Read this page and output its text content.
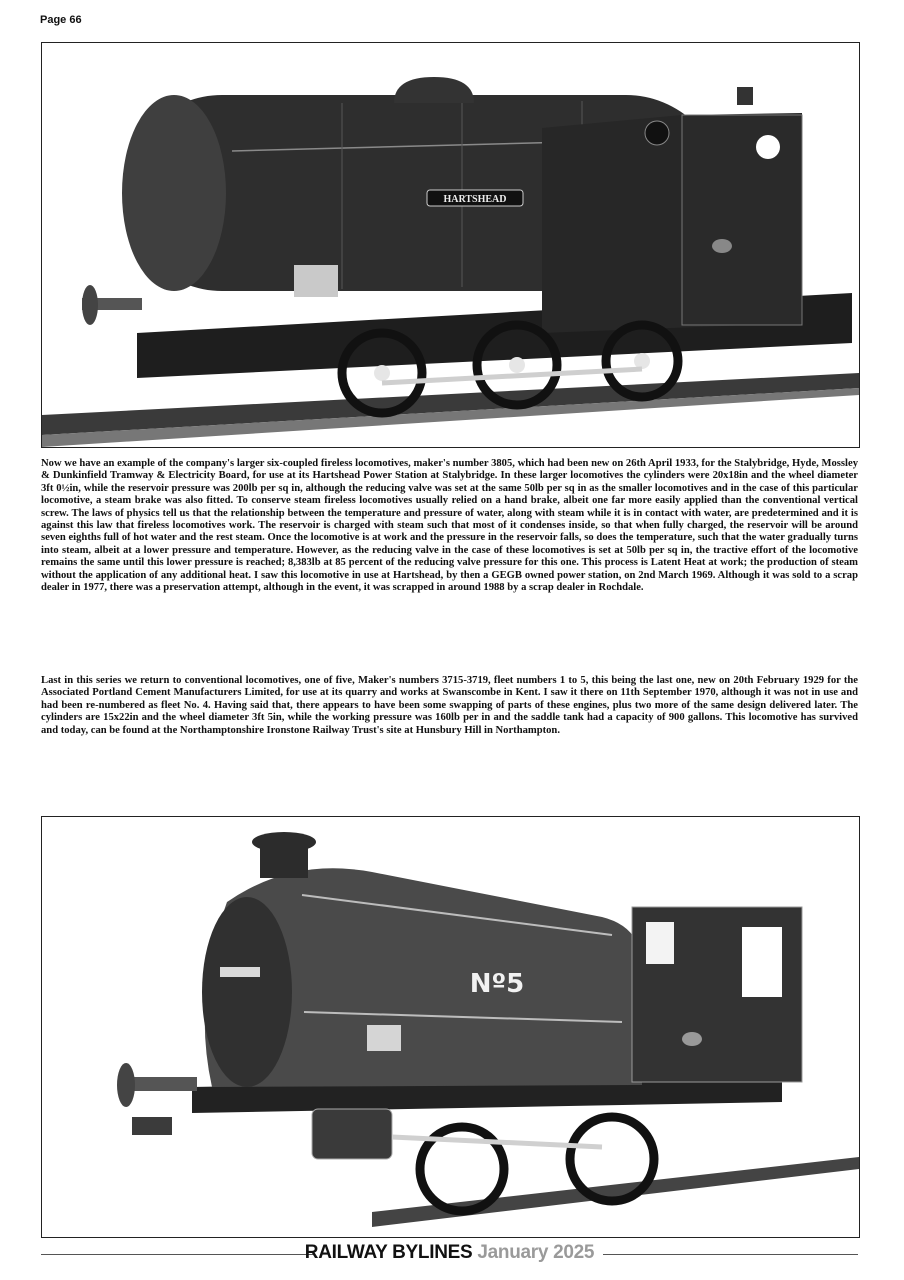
Page 66
HARTSHEAD
Now we have an example of the company's larger six-coupled fireless locomotives, maker's number 3805, which had been new on 26th April 1933, for the Stalybridge, Hyde, Mossley & Dunkinfield Tramway & Electricity Board, for use at its Hartshead Power Station at Stalybridge. In these larger locomotives the cylinders were 20x18in and the wheel diameter 3ft 0½in, while the reservoir pressure was 200lb per sq in, although the reducing valve was set at the same 50lb per sq in as the smaller locomotives and in the case of this particular locomotive, a steam brake was also fitted. To conserve steam fireless locomotives usually relied on a hand brake, albeit one far more easily applied than the conventional vertical screw. The laws of physics tell us that the relationship between the temperature and pressure of water, along with steam while it is in contact with water, are predetermined and it is against this law that fireless locomotives work. The reservoir is charged with steam such that most of it condenses inside, so that when fully charged, the reservoir will be around seven eighths full of hot water and the rest steam. Once the locomotive is at work and the pressure in the reservoir falls, so does the temperature, such that the water gradually turns into steam, albeit at a lower pressure and temperature. However, as the reducing valve in the case of these locomotives is set at 50lb per sq in, the tractive effort of the locomotive remains the same until this lower pressure is reached; 8,383lb at 85 percent of the reducing valve pressure for this one. This process is Latent Heat at work; the production of steam without the application of any additional heat. I saw this locomotive in use at Hartshead, by then a GEGB owned power station, on 2nd March 1969. Although it was sold to a scrap dealer in 1977, there was a preservation attempt, although in the event, it was scrapped in around 1988 by a scrap dealer in Rochdale.
Last in this series we return to conventional locomotives, one of five, Maker's numbers 3715-3719, fleet numbers 1 to 5, this being the last one, new on 20th February 1929 for the Associated Portland Cement Manufacturers Limited, for use at its quarry and works at Swanscombe in Kent. I saw it there on 11th September 1970, although it was not in use and had been re-numbered as fleet No. 4. Having said that, there appears to have been some swapping of parts of these engines, plus two more of the same design delivered later. The cylinders are 15x22in and the wheel diameter 3ft 5in, while the working pressure was 160lb per in and the saddle tank had a capacity of 900 gallons. This locomotive has survived and today, can be found at the Northamptonshire Ironstone Railway Trust's site at Hunsbury Hill in Northampton.
Nº5
RAILWAY BYLINES January 2025
